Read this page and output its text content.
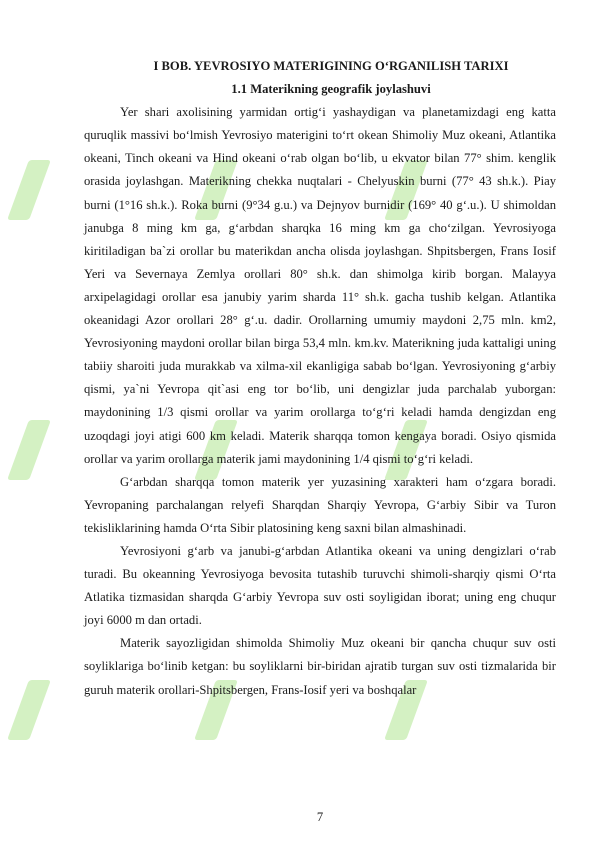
I BOB. YEVROSIYO MATERIGINING O‘RGANILISH TARIXI

1.1 Materikning geografik joylashuvi

Yer shari axolisining yarmidan ortig‘i yashaydigan va planetamizdagi eng katta quruqlik massivi bo‘lmish Yevrosiyo materigini to‘rt okean Shimoliy Muz okeani, Atlantika okeani, Tinch okeani va Hind okeani o‘rab olgan bo‘lib, u ekvator bilan 77° shim. kenglik orasida joylashgan. Materikning chekka nuqtalari - Chelyuskin burni (77° 43 sh.k.). Piay burni (1°16 sh.k.). Roka burni (9°34 g.u.) va Dejnyov burnidir (169° 40 g‘.u.). U shimoldan janubga 8 ming km ga, g‘arbdan sharqka 16 ming km ga cho‘zilgan. Yevrosiyoga kiritiladigan ba`zi orollar bu materikdan ancha olisda joylashgan. Shpitsbergen, Frans Iosif Yeri va Severnaya Zemlya orollari 80° sh.k. dan shimolga kirib borgan. Malayya arxipelagidagi orollar esa janubiy yarim sharda 11° sh.k. gacha tushib kelgan. Atlantika okeanidagi Azor orollari 28° g‘.u. dadir. Orollarning umumiy maydoni 2,75 mln. km2, Yevrosiyoning maydoni orollar bilan birga 53,4 mln. km.kv. Materikning juda kattaligi uning tabiiy sharoiti juda murakkab va xilma-xil ekanligiga sabab bo‘lgan. Yevrosiyoning g‘arbiy qismi, ya`ni Yevropa qit`asi eng tor bo‘lib, uni dengizlar juda parchalab yuborgan: maydonining 1/3 qismi orollar va yarim orollarga to‘g‘ri keladi hamda dengizdan eng uzoqdagi joyi atigi 600 km keladi. Materik sharqqa tomon kengaya boradi. Osiyo qismida orollar va yarim orollarga materik jami maydonining 1/4 qismi to‘g‘ri keladi.

G‘arbdan sharqqa tomon materik yer yuzasining xarakteri ham o‘zgara boradi. Yevropaning parchalangan relyefi Sharqdan Sharqiy Yevropa, G‘arbiy Sibir va Turon tekisliklarining hamda O‘rta Sibir platosining keng saxni bilan almashinadi.

Yevrosiyoni g‘arb va janubi-g‘arbdan Atlantika okeani va uning dengizlari o‘rab turadi. Bu okeanning Yevrosiyoga bevosita tutashib turuvchi shimoli-sharqiy qismi O‘rta Atlatika tizmasidan sharqda G‘arbiy Yevropa suv osti soyligidan iborat; uning eng chuqur joyi 6000 m dan ortadi.

Materik sayozligidan shimolda Shimoliy Muz okeani bir qancha chuqur suv osti soyliklariga bo‘linib ketgan: bu soyliklarni bir-biridan ajratib turgan suv osti tizmalarida bir guruh materik orollari-Shpitsbergen, Frans-Iosif yeri va boshqalar

7
